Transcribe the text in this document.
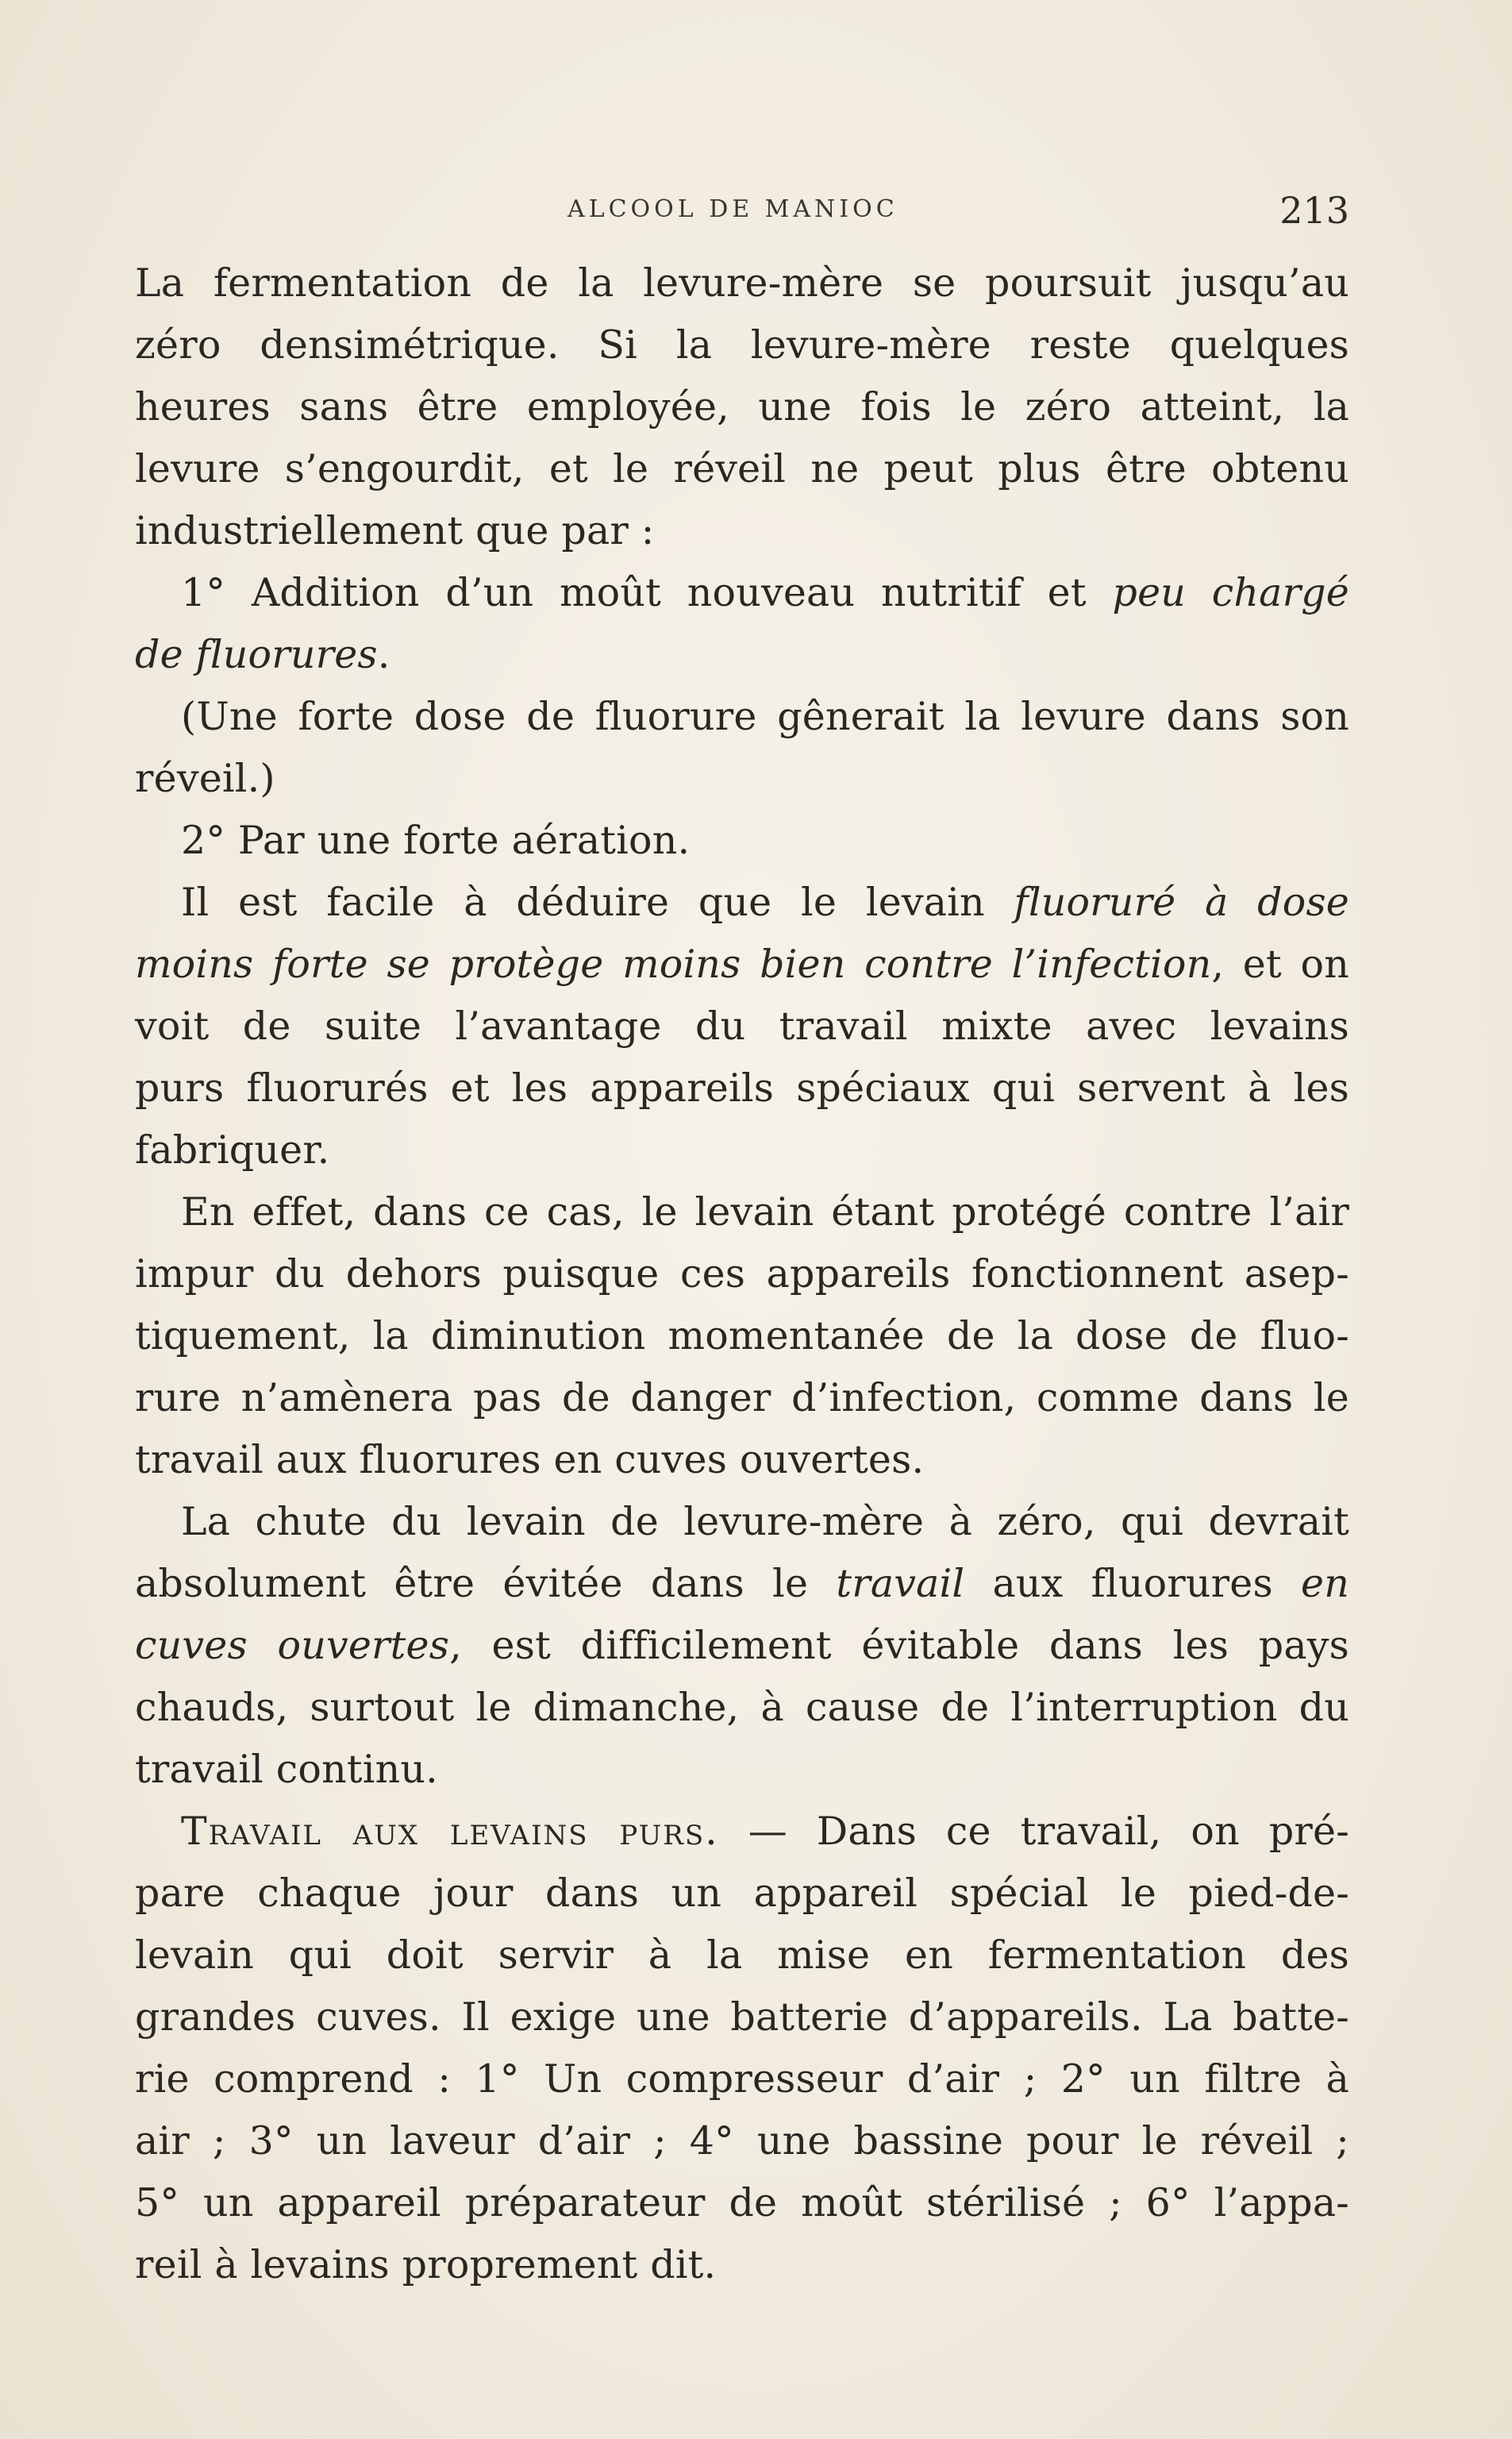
ALCOOL DE MANIOC	213
La fermentation de la levure-mère se poursuit jusqu’au
zéro densimétrique. Si la levure-mère reste quelques
heures sans être employée, une fois le zéro atteint, la
levure s’engourdit, et le réveil ne peut plus être obtenu
industriellement que par :
1° Addition d’un moût nouveau nutritif et peu chargé
de fluorures.
(Une forte dose de fluorure gênerait la levure dans son
réveil.)
2° Par une forte aération.
Il est facile à déduire que le levain fluoruré à dose
moins forte se protège moins bien contre l’infection, et on
voit de suite l’avantage du travail mixte avec levains
purs fluorurés et les appareils spéciaux qui servent à les
fabriquer.
En effet, dans ce cas, le levain étant protégé contre l’air
impur du dehors puisque ces appareils fonctionnent asep-
tiquement, la diminution momentanée de la dose de fluo-
rure n’amènera pas de danger d’infection, comme dans le
travail aux fluorures en cuves ouvertes.
La chute du levain de levure-mère à zéro, qui devrait
absolument être évitée dans le travail aux fluorures en
cuves ouvertes, est difficilement évitable dans les pays
chauds, surtout le dimanche, à cause de l’interruption du
travail continu.
Travail aux levains purs. — Dans ce travail, on pré-
pare chaque jour dans un appareil spécial le pied-de-
levain qui doit servir à la mise en fermentation des
grandes cuves. Il exige une batterie d’appareils. La batte-
rie comprend : 1° Un compresseur d’air ; 2° un filtre à
air ; 3° un laveur d’air ; 4° une bassine pour le réveil ;
5° un appareil préparateur de moût stérilisé ; 6° l’appa-
reil à levains proprement dit.
